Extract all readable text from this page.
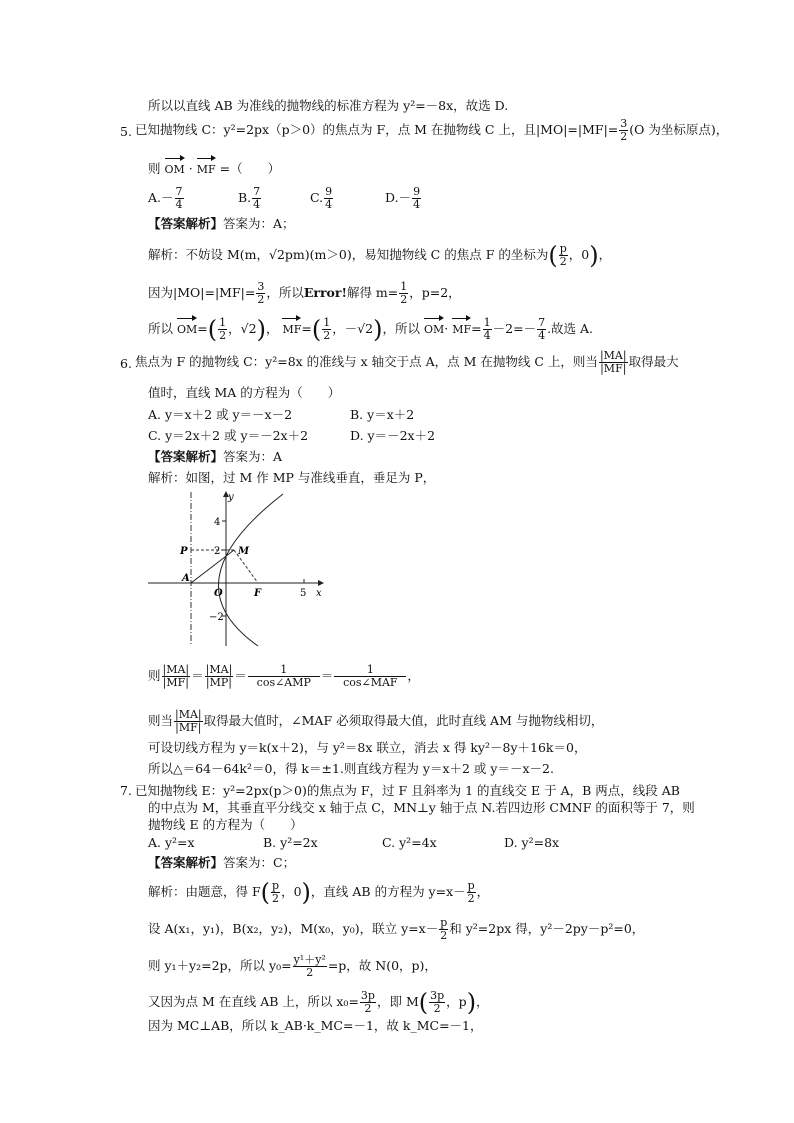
所以以直线 AB 为准线的抛物线的标准方程为 y²=－8x，故选 D.
5. 已知抛物线 C：y²=2px（p＞0）的焦点为 F，点 M 在抛物线 C 上，且$|MO|=|MF|= \frac{3}{2} (O$ 为坐标原点)，
则 OM · MF =（　　）
$A.- \frac{7}{4}$	B. $\frac{7}{4}$	C. $\frac{9}{4}$	$D.- \frac{9}{4}$
【答案解析】答案为：A；
解析：不妨设 M(m，√2pm)(m＞0)，易知抛物线 C 的焦点 F 的坐标为( $\frac{p}{2}$ ，0)，
因为$|MO|=|MF|= \frac{3}{2}$ ，所以Error!解得 $m= \frac{1}{2}$ ，p=2，
所以 $OM=( \frac{1}{2}$ ，√2)， $MF=( \frac{1}{2}$ ，－√2)，所以 $OM\cdot MF= \frac{1}{4} -2=- \frac{7}{4}$ .故选 A.
6. 焦点为 F 的抛物线 C：y²=8x 的准线与 x 轴交于点 A，点 M 在抛物线 C 上，则当 $\frac{|MA|}{|MF|}$ 取得最大
值时，直线 MA 的方程为（　　）
A. y＝x＋2 或 y＝－x－2	B. y＝x＋2
C. y＝2x＋2 或 y＝－2x＋2	D. y＝－2x＋2
【答案解析】答案为：A
解析：如图，过 M 作 MP 与准线垂直，垂足为 P，
y
x
4
2
−2
5
P	M
A
O	F
则 $\frac{|MA|}{|MF|} = \frac{|MA|}{|MP|} = \frac{1}{\text{cos∠AMP}} = \frac{1}{\text{cos∠MAF}}$ ，
则当 $\frac{|MA|}{|MF|}$ 取得最大值时，∠MAF 必须取得最大值，此时直线 AM 与抛物线相切，
可设切线方程为 y＝k(x＋2)，与 y²＝8x 联立，消去 x 得 ky²－8y＋16k＝0，
所以△＝64－64k²＝0，得 k＝±1.则直线方程为 y＝x＋2 或 y＝－x－2.
7. 已知抛物线 E：y²=2px(p＞0)的焦点为 F，过 F 且斜率为 1 的直线交 E 于 A，B 两点，线段 AB
的中点为 M，其垂直平分线交 x 轴于点 C，MN⊥y 轴于点 N.若四边形 CMNF 的面积等于 7，则
抛物线 E 的方程为（　　）
A. y²=x	B. y²=2x	C. y²=4x	D. y²=8x
【答案解析】答案为：C；
解析：由题意，得 $F( \frac{p}{2}$ ，0)，直线 AB 的方程为 $y=x- \frac{p}{2}$ ，
设 A(x₁，y₁)，B(x₂，y₂)，M(x₀，y₀)，联立 $y=x- \frac{p}{2}$ 和 y²=2px 得，y²－2py－p²=0，
则 y₁＋y₂=2p，所以 $y_0= \frac{\text{y¹＋y²}}{2} =p$，故 N(0，p)，
又因为点 M 在直线 AB 上，所以 $x_0= \frac{3p}{2}$ ，即 $M( \frac{3p}{2}$ ，p)，
因为 MC⊥AB，所以 k_AB·k_MC=－1，故 k_MC=－1，
